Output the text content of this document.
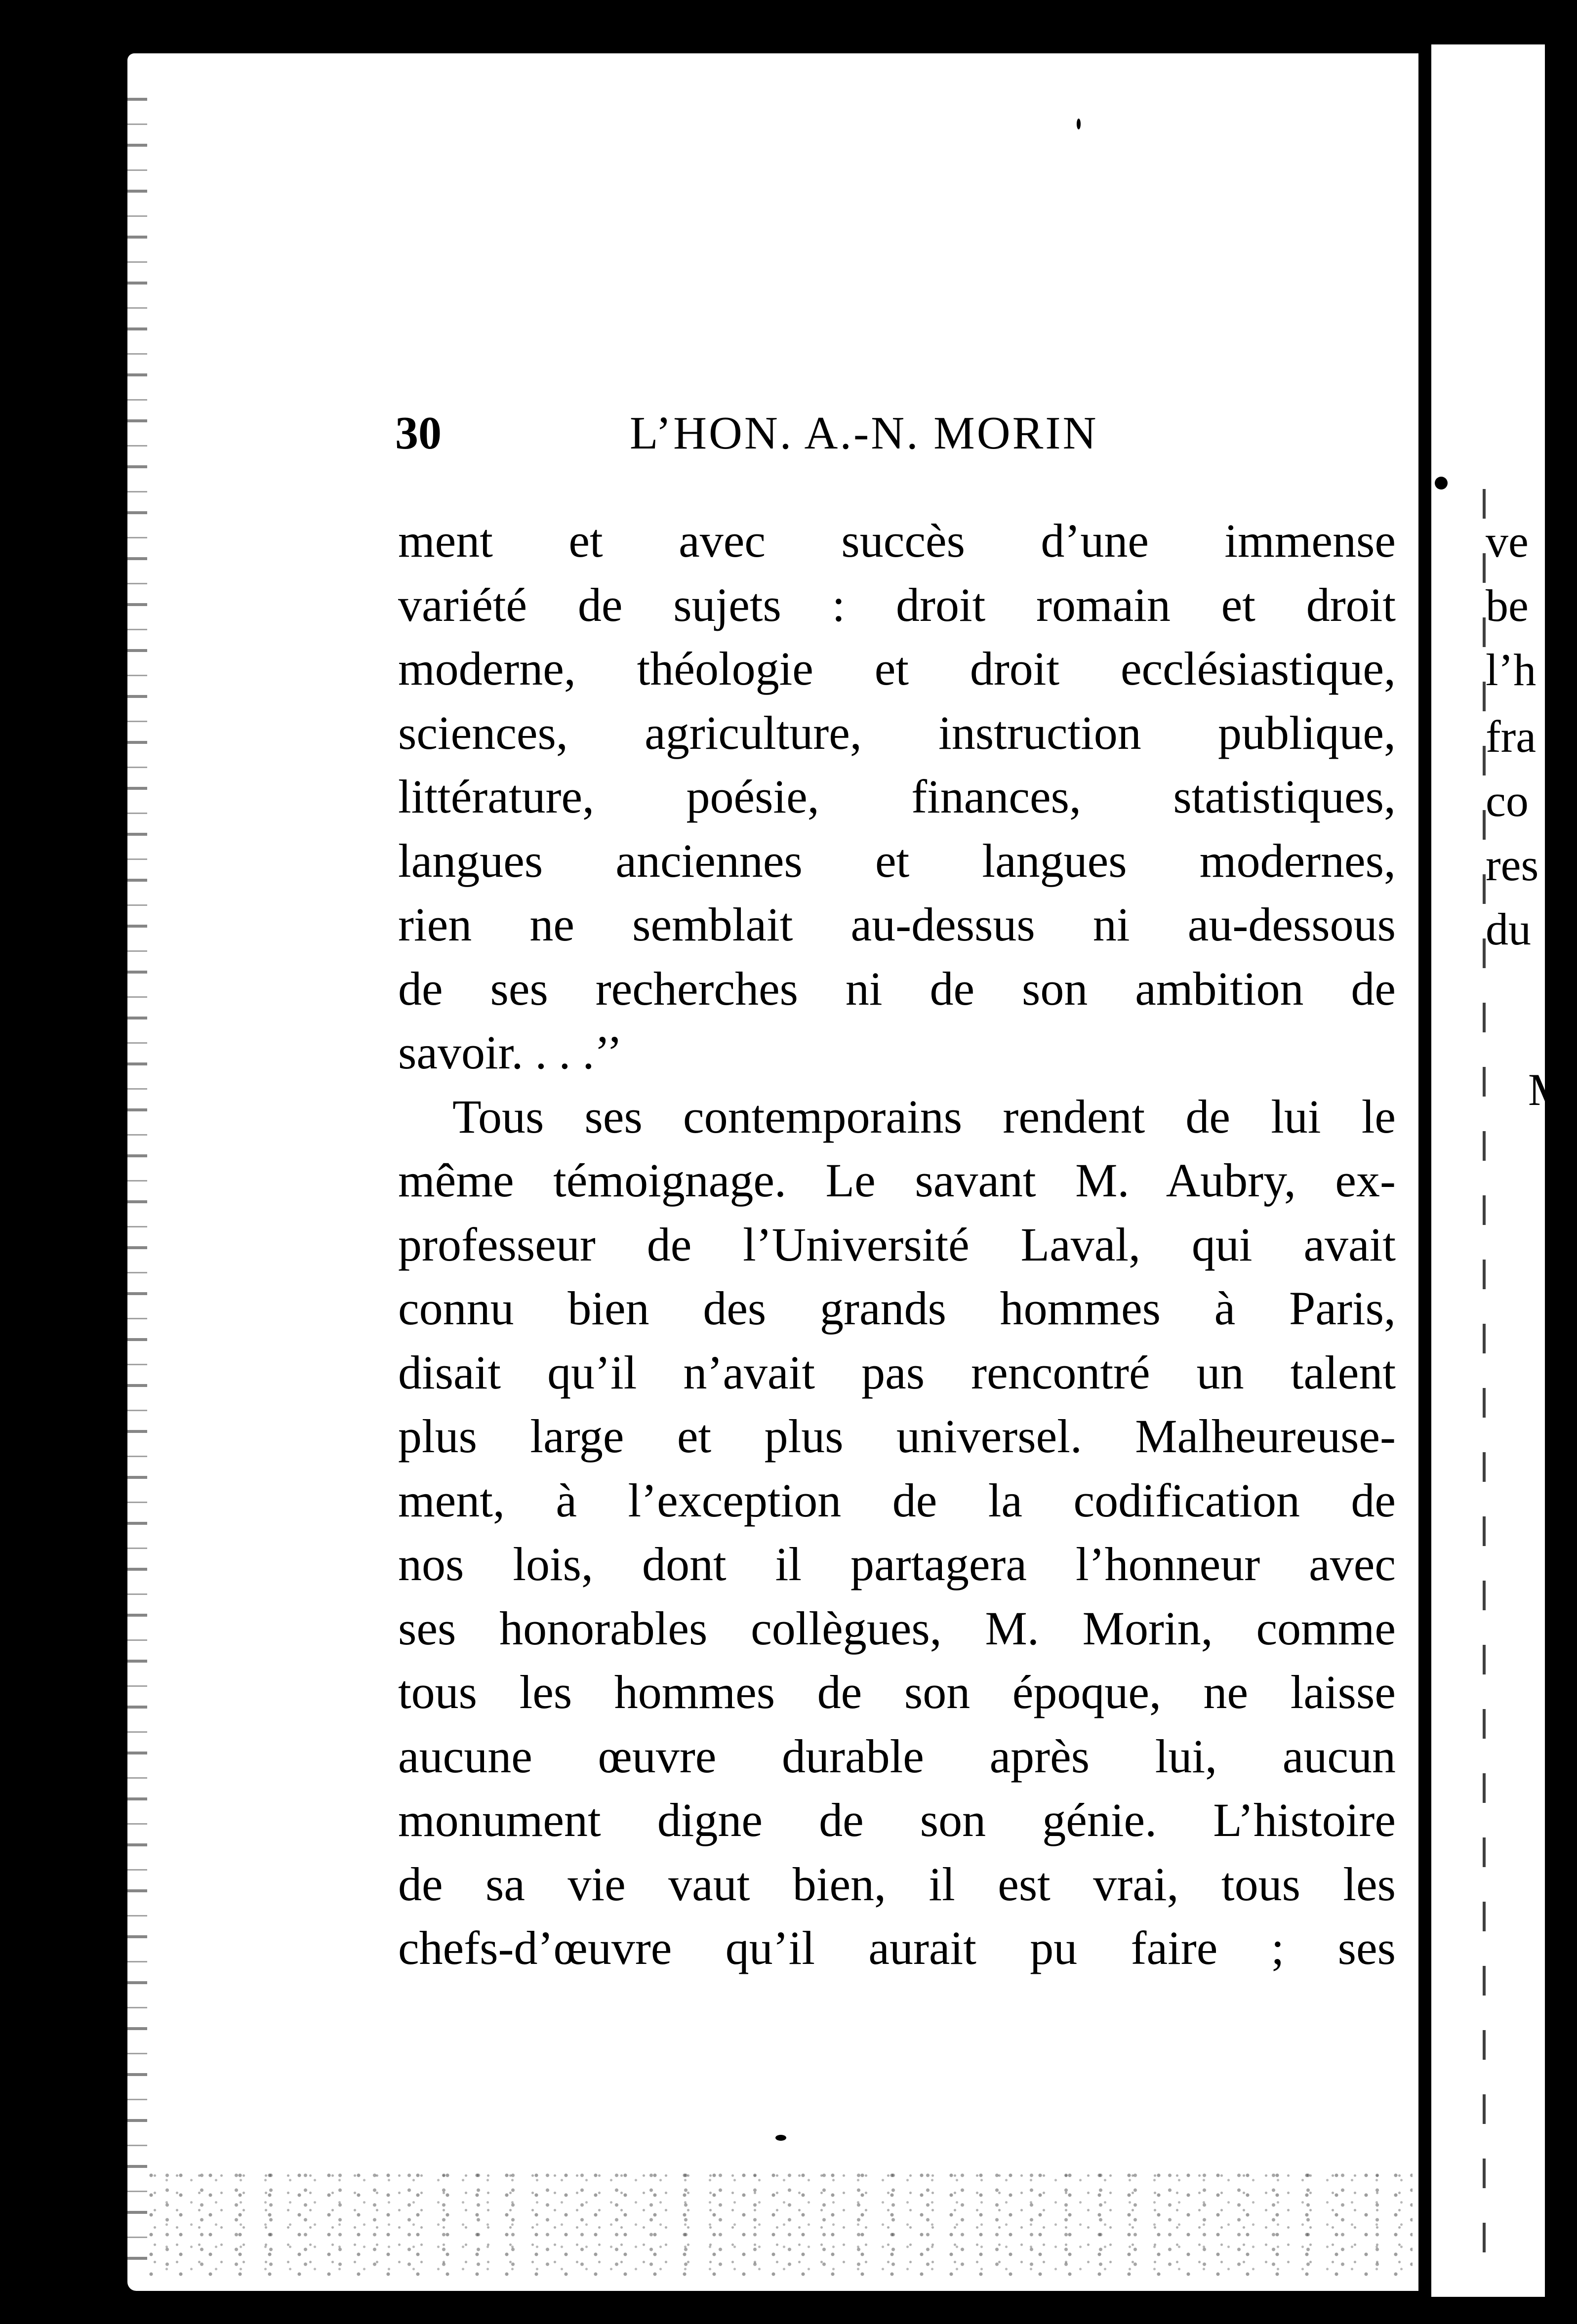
ve
be
l’h
fra
co
res
du
M
30	L’HON. A.-N. MORIN
ment et avec succès d’une immense
variété de sujets : droit romain et droit
moderne, théologie et droit ecclésiastique,
sciences, agriculture, instruction publique,
littérature, poésie, finances, statistiques,
langues anciennes et langues modernes,
rien ne semblait au-dessus ni au-dessous
de ses recherches ni de son ambition de
savoir. . . .’’
Tous ses contemporains rendent de lui le
même témoignage. Le savant M. Aubry, ex-
professeur de l’Université Laval, qui avait
connu bien des grands hommes à Paris,
disait qu’il n’avait pas rencontré un talent
plus large et plus universel. Malheureuse-
ment, à l’exception de la codification de
nos lois, dont il partagera l’honneur avec
ses honorables collègues, M. Morin, comme
tous les hommes de son époque, ne laisse
aucune œuvre durable après lui, aucun
monument digne de son génie. L’histoire
de sa vie vaut bien, il est vrai, tous les
chefs-d’œuvre qu’il aurait pu faire ; ses
